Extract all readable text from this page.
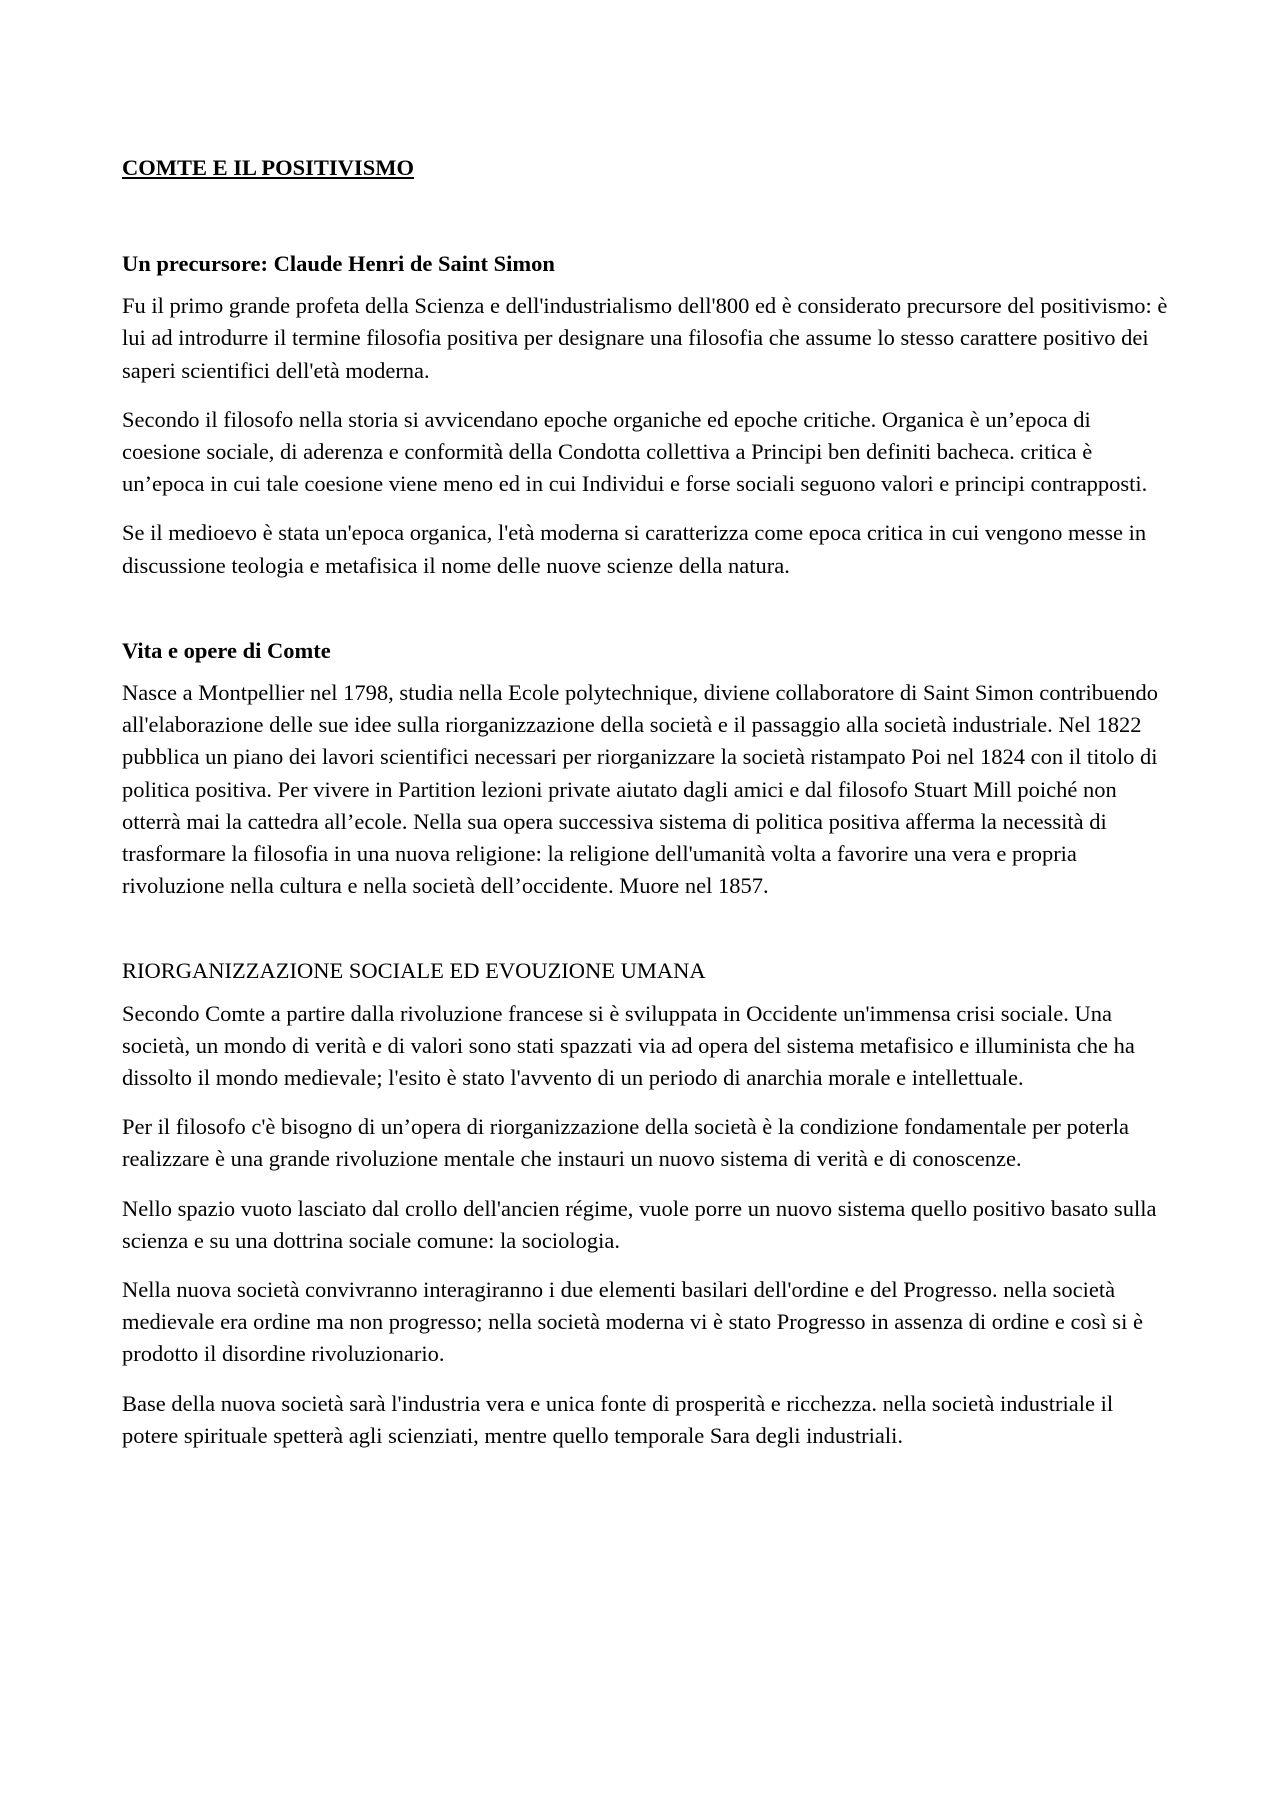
COMTE E IL POSITIVISMO
Un precursore: Claude Henri de Saint Simon

Fu il primo grande profeta della Scienza e dell'industrialismo dell'800 ed è considerato precursore del positivismo: è lui ad introdurre il termine filosofia positiva per designare una filosofia che assume lo stesso carattere positivo dei saperi scientifici dell'età moderna.

Secondo il filosofo nella storia si avvicendano epoche organiche ed epoche critiche. Organica è un’epoca di coesione sociale, di aderenza e conformità della Condotta collettiva a Principi ben definiti bacheca. critica è un’epoca in cui tale coesione viene meno ed in cui Individui e forse sociali seguono valori e principi contrapposti.

Se il medioevo è stata un'epoca organica, l'età moderna si caratterizza come epoca critica in cui vengono messe in discussione teologia e metafisica il nome delle nuove scienze della natura.

Vita e opere di Comte

Nasce a Montpellier nel 1798, studia nella Ecole polytechnique, diviene collaboratore di Saint Simon contribuendo all'elaborazione delle sue idee sulla riorganizzazione della società e il passaggio alla società industriale. Nel 1822 pubblica un piano dei lavori scientifici necessari per riorganizzare la società ristampato Poi nel 1824 con il titolo di politica positiva. Per vivere in Partition lezioni private aiutato dagli amici e dal filosofo Stuart Mill poiché non otterrà mai la cattedra all’ecole. Nella sua opera successiva sistema di politica positiva afferma la necessità di trasformare la filosofia in una nuova religione: la religione dell'umanità volta a favorire una vera e propria rivoluzione nella cultura e nella società dell’occidente. Muore nel 1857.

RIORGANIZZAZIONE SOCIALE ED EVOUZIONE UMANA

Secondo Comte a partire dalla rivoluzione francese si è sviluppata in Occidente un'immensa crisi sociale. Una società, un mondo di verità e di valori sono stati spazzati via ad opera del sistema metafisico e illuminista che ha dissolto il mondo medievale; l'esito è stato l'avvento di un periodo di anarchia morale e intellettuale.

Per il filosofo c'è bisogno di un’opera di riorganizzazione della società è la condizione fondamentale per poterla realizzare è una grande rivoluzione mentale che instauri un nuovo sistema di verità e di conoscenze.

Nello spazio vuoto lasciato dal crollo dell'ancien régime, vuole porre un nuovo sistema quello positivo basato sulla scienza e su una dottrina sociale comune: la sociologia.

Nella nuova società convivranno interagiranno i due elementi basilari dell'ordine e del Progresso. nella società medievale era ordine ma non progresso; nella società moderna vi è stato Progresso in assenza di ordine e così si è prodotto il disordine rivoluzionario.

Base della nuova società sarà l'industria vera e unica fonte di prosperità e ricchezza. nella società industriale il potere spirituale spetterà agli scienziati, mentre quello temporale Sara degli industriali.
